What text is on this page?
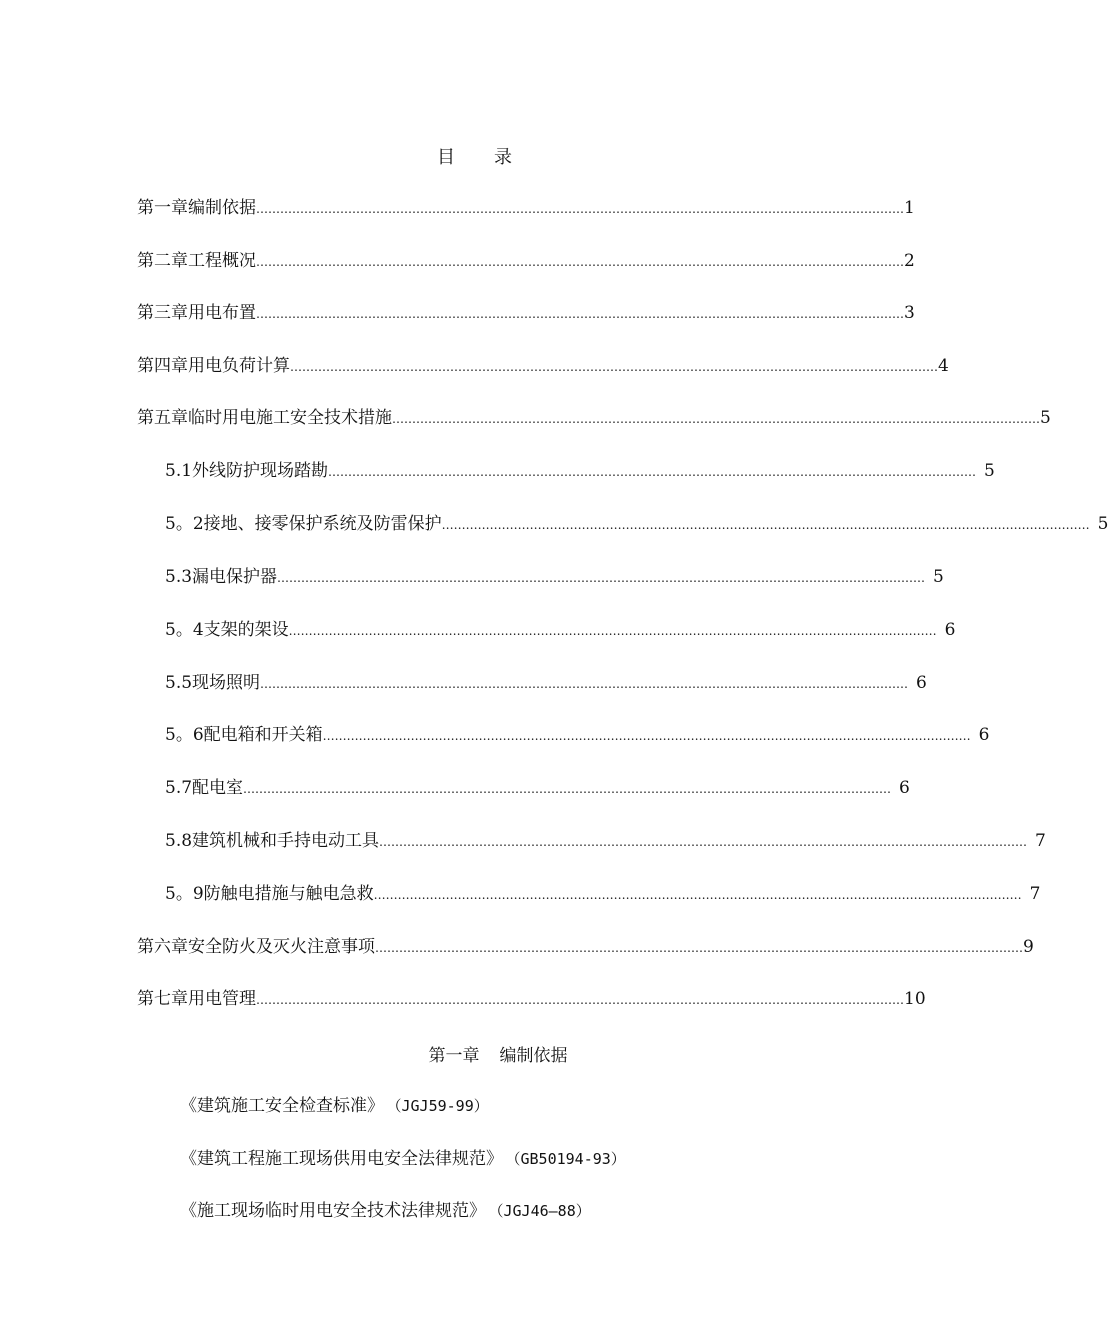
目 录
第一章 编制依据 ……………………………………………………………………………………………………………………………………………… 1
第二章 工程概况 ……………………………………………………………………………………………………………………………………………… 2
第三章 用电布置 ……………………………………………………………………………………………………………………………………………… 3
第四章 用电负荷计算 ……………………………………………………………………………………………………………………………………………… 4
第五章 临时用电施工安全技术措施 ……………………………………………………………………………………………………………………………………………… 5
5.1 外线防护现场踏勘 ……………………………………………………………………………………………………………………………………………… 5
5。2 接地、接零保护系统及防雷保护 ……………………………………………………………………………………………………………………………………………… 5
5.3 漏电保护器 ……………………………………………………………………………………………………………………………………………… 5
5。4 支架的架设 ……………………………………………………………………………………………………………………………………………… 6
5.5 现场照明 ……………………………………………………………………………………………………………………………………………… 6
5。6 配电箱和开关箱 ……………………………………………………………………………………………………………………………………………… 6
5.7 配电室 ……………………………………………………………………………………………………………………………………………… 6
5.8 建筑机械和手持电动工具 ……………………………………………………………………………………………………………………………………………… 7
5。9 防触电措施与触电急救 ……………………………………………………………………………………………………………………………………………… 7
第六章 安全防火及灭火注意事项 ……………………………………………………………………………………………………………………………………………… 9
第七章 用电管理 ……………………………………………………………………………………………………………………………………………… 10
第一章 编制依据
《建筑施工安全检查标准》 （JGJ59-99）
《建筑工程施工现场供用电安全法律规范》 （GB50194-93）
《施工现场临时用电安全技术法律规范》 （JGJ46—88）
